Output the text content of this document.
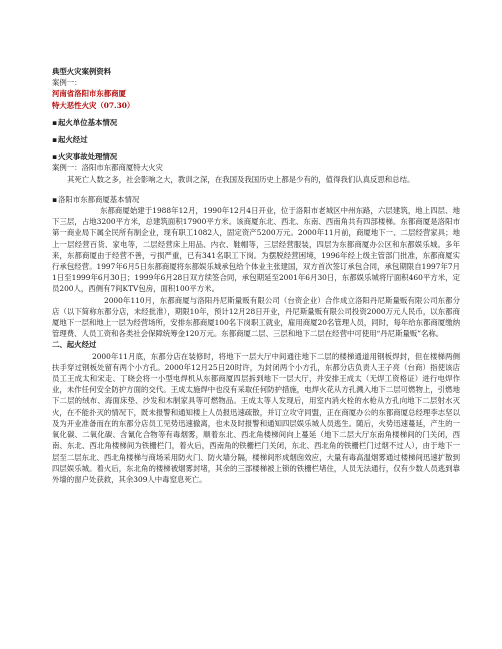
典型火灾案例资料

案例一：

河南省洛阳市东都商厦

特大恶性火灾（07.30）

▪ 起火单位基本情况

▪ 起火经过

▪ 火灾事故处理情况

案例一：洛阳市东都商厦特大火灾

其死亡人数之多，社会影响之大，教训之深，在我国及我国历史上都是少有的，值得我们认真反思和总结。

▪ 洛阳市东都商厦基本情况

东都商厦始建于1988年12月，1990年12月4日开业，位于洛阳市老城区中州东路，六层建筑，地上四层、地下三层，占地3200平方米，总建筑面积17900平方米。该商厦东北、西北、东南、西南角共有四部楼梯。东都商厦是洛阳市第一商业局下属全民所有制企业，现有职工1082人，固定资产5200万元。2000年11月前，商厦地下一、二层经营家具；地上一层经营百货、家电等，二层经营床上用品、内衣、鞋帽等，三层经营服装，四层为东都商厦办公区和东都娱乐城。多年来，东都商厦由于经营不善，亏损严重，已有341名职工下岗。为摆脱经营困境，1996年经上级主管部门批准，东都商厦实行承包经营。1997年6月5日东都商厦将东都娱乐城承包给个体业主张建国，双方首次签订承包合同，承包期限自1997年7月1日至1999年6月30日；1999年6月28日双方续签合同，承包期延至2001年6月30日，东都娱乐城将厅面积460平方米，定员200人，西侧有7间KTV包房，面积100平方米。

2000年110月，东都商厦与洛阳丹尼斯量贩有限公司（台资企业）合作成立洛阳丹尼斯量贩有限公司东都分店（以下简称东都分店，未经批准），期限10年，预计12月28日开业，丹尼斯量贩有限公司投资2000万元人民币，以东都商厦地下一层和地上一层为经营场所，安排东都商厦100名下岗职工就业，雇用商厦20名管理人员，同时，每年给东都商厦缴纳管理费、人员工资和各类社会保障统筹金120万元。东都商厦二层、三层和地下二层在经营中可使用“丹尼斯量贩”名称。

二、起火经过

2000年11月底，东都分店在装修时，将地下一层大厅中间通往地下二层的楼梯通道用钢板焊封，但在楼梯两侧扶手穿过钢板处留有两个小方孔。2000年12月25日20时许，为封闭两个小方孔，东都分店负责人王子亮（台商）指使该店员工王成太和宋走、丁晓会将一小型电焊机从东都商厦四层拆到地下一层大厅，并安排王成太（无焊工资格证）进行电焊作业，未作任何安全防护方面的交代。王成太施焊中也没有采取任何防护措施，电焊火花从方孔溅入地下二层可燃物上，引燃地下二层的绒布、海面床垫、沙发和木制家具等可燃物品。王成太等人发现后，用室内消火栓的水枪从方孔向地下二层射水灭火，在不能扑灭的情况下，既未报警和通知楼上人员报迅速疏散，并订立攻守同盟，正在商厦办公的东都商厦总经理李志坚以及为开业准备而在的东都分店员工见势迅速撤离，也未及时报警和通知四层娱乐城人员逃生。随后，火势迅速蔓延，产生的一氧化碳、二氧化碳、含氰化合物等有毒烟雾，顺着东北、西北角楼梯间向上蔓延（地下二层大厅东南角楼梯间的门关闭，西南、东北、西北角楼梯间为铁栅栏门，着火后，西南角的铁栅栏门关闭，东北、西北角的铁栅栏门过烟不过人），由于地下一层至二层东北、西北角楼梯与商场采用防火门、防火墙分隔，楼梯间形成烟囱效应，大量有毒高温烟雾通过楼梯间迅速扩散到四层娱乐城。着火后，东北角的楼梯被烟雾封堵，其余的三部楼梯被上锁的铁栅栏堵住，人员无法通行，仅有少数人员逃到靠外墙的窗户处获救，其余309人中毒窒息死亡。
